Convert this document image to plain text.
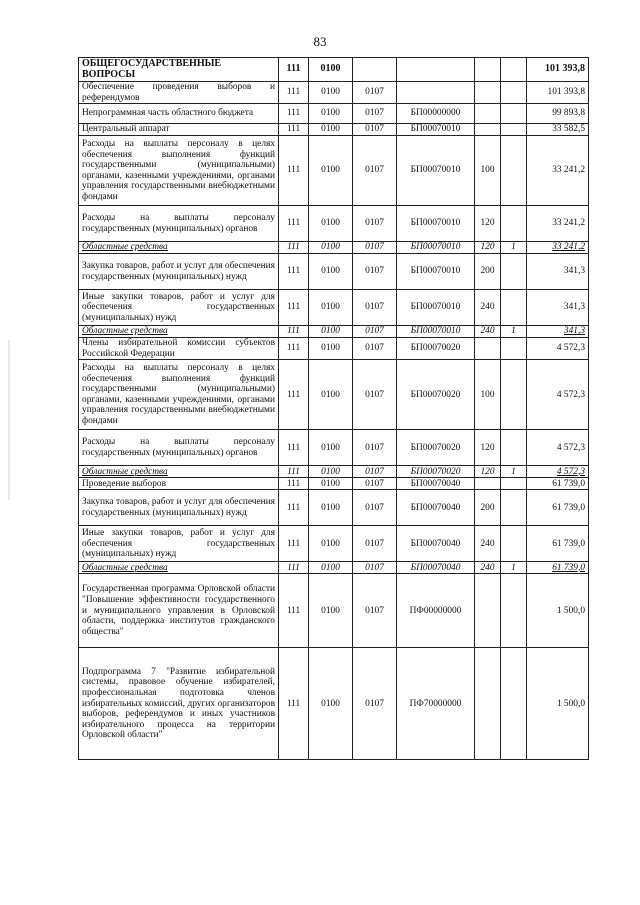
83
ОБЩЕГОСУДАРСТВЕННЫЕ ВОПРОСЫ	111	0100					101 393,8
Обеспечение проведения выборов и референдумов	111	0100	0107				101 393,8
Непрограммная часть областного бюджета	111	0100	0107	БП00000000			99 893,8
Центральный аппарат	111	0100	0107	БП00070010			33 582,5
Расходы на выплаты персоналу в целях обеспечения выполнения функций государственными (муниципальными) органами, казенными учреждениями, органами управления государственными внебюджетными фондами	111	0100	0107	БП00070010	100		33 241,2
Расходы на выплаты персоналу государственных (муниципальных) органов	111	0100	0107	БП00070010	120		33 241,2
Областные средства	111	0100	0107	БП00070010	120	1	33 241,2
Закупка товаров, работ и услуг для обеспечения государственных (муниципальных) нужд	111	0100	0107	БП00070010	200		341,3
Иные закупки товаров, работ и услуг для обеспечения государственных (муниципальных) нужд	111	0100	0107	БП00070010	240		341,3
Областные средства	111	0100	0107	БП00070010	240	1	341,3
Члены избирательной комиссии субъектов Российской Федерации	111	0100	0107	БП00070020			4 572,3
Расходы на выплаты персоналу в целях обеспечения выполнения функций государственными (муниципальными) органами, казенными учреждениями, органами управления государственными внебюджетными фондами	111	0100	0107	БП00070020	100		4 572,3
Расходы на выплаты персоналу государственных (муниципальных) органов	111	0100	0107	БП00070020	120		4 572,3
Областные средства	111	0100	0107	БП00070020	120	1	4 572,3
Проведение выборов	111	0100	0107	БП00070040			61 739,0
Закупка товаров, работ и услуг для обеспечения государственных (муниципальных) нужд	111	0100	0107	БП00070040	200		61 739,0
Иные закупки товаров, работ и услуг для обеспечения государственных (муниципальных) нужд	111	0100	0107	БП00070040	240		61 739,0
Областные средства	111	0100	0107	БП00070040	240	1	61 739,0
Государственная программа Орловской области "Повышение эффективности государственного и муниципального управления в Орловской области, поддержка институтов гражданского общества"	111	0100	0107	ПФ00000000			1 500,0
Подпрограмма 7 "Развитие избирательной системы, правовое обучение избирателей, профессиональная подготовка членов избирательных комиссий, других организаторов выборов, референдумов и иных участников избирательного процесса на территории Орловской области"	111	0100	0107	ПФ70000000			1 500,0
